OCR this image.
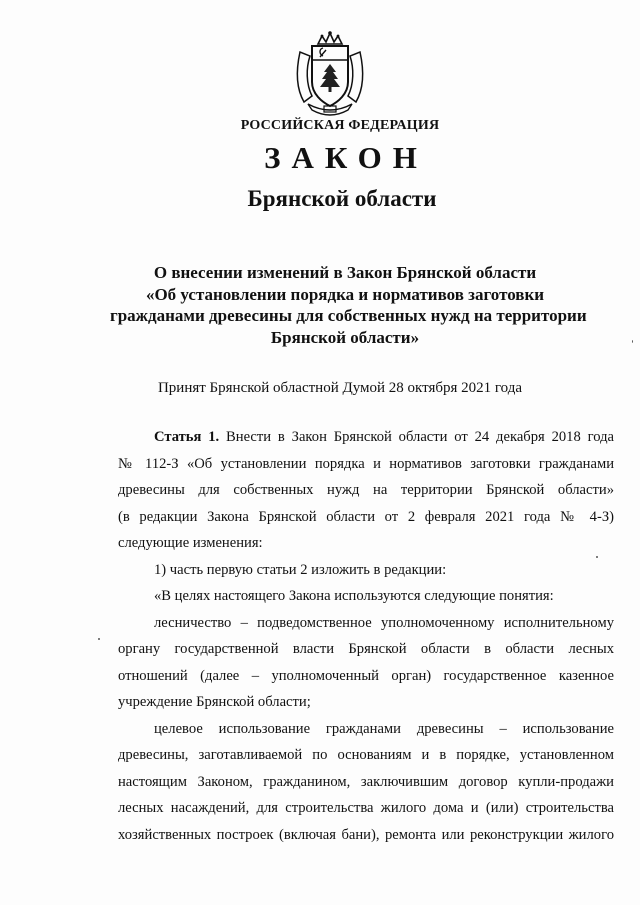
РОССИЙСКАЯ ФЕДЕРАЦИЯ
ЗАКОН
Брянской области
О внесении изменений в Закон Брянской области
«Об установлении порядка и нормативов заготовки
гражданами древесины для собственных нужд на территории
Брянской области»
Принят Брянской областной Думой 28 октября 2021 года
Статья 1. Внести в Закон Брянской области от 24 декабря 2018 года
№ 112-З «Об установлении порядка и нормативов заготовки гражданами
древесины для собственных нужд на территории Брянской области»
(в редакции Закона Брянской области от 2 февраля 2021 года № 4-З)
следующие изменения:
1) часть первую статьи 2 изложить в редакции:
«В целях настоящего Закона используются следующие понятия:
лесничество – подведомственное уполномоченному исполнительному
органу государственной власти Брянской области в области лесных
отношений (далее – уполномоченный орган) государственное казенное
учреждение Брянской области;
целевое использование гражданами древесины – использование
древесины, заготавливаемой по основаниям и в порядке, установленном
настоящим Законом, гражданином, заключившим договор купли-продажи
лесных насаждений, для строительства жилого дома и (или) строительства
хозяйственных построек (включая бани), ремонта или реконструкции жилого
